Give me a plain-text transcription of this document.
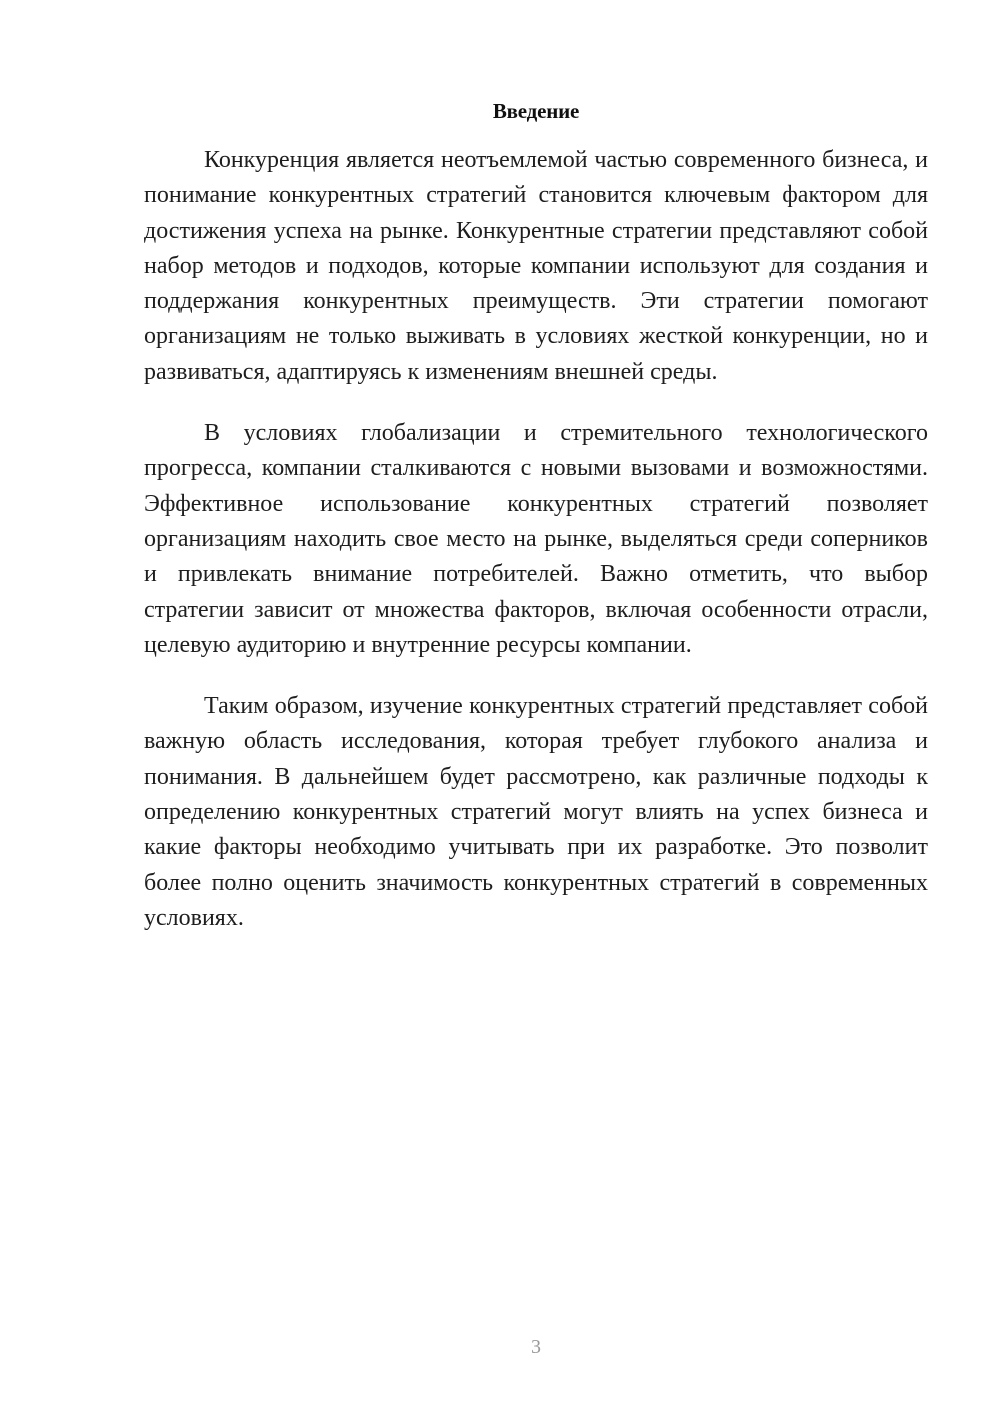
Введение

Конкуренция является неотъемлемой частью современного бизнеса, и понимание конкурентных стратегий становится ключевым фактором для достижения успеха на рынке. Конкурентные стратегии представляют собой набор методов и подходов, которые компании используют для создания и поддержания конкурентных преимуществ. Эти стратегии помогают организациям не только выживать в условиях жесткой конкуренции, но и развиваться, адаптируясь к изменениям внешней среды.

В условиях глобализации и стремительного технологического прогресса, компании сталкиваются с новыми вызовами и возможностями. Эффективное использование конкурентных стратегий позволяет организациям находить свое место на рынке, выделяться среди соперников и привлекать внимание потребителей. Важно отметить, что выбор стратегии зависит от множества факторов, включая особенности отрасли, целевую аудиторию и внутренние ресурсы компании.

Таким образом, изучение конкурентных стратегий представляет собой важную область исследования, которая требует глубокого анализа и понимания. В дальнейшем будет рассмотрено, как различные подходы к определению конкурентных стратегий могут влиять на успех бизнеса и какие факторы необходимо учитывать при их разработке. Это позволит более полно оценить значимость конкурентных стратегий в современных условиях.

3
